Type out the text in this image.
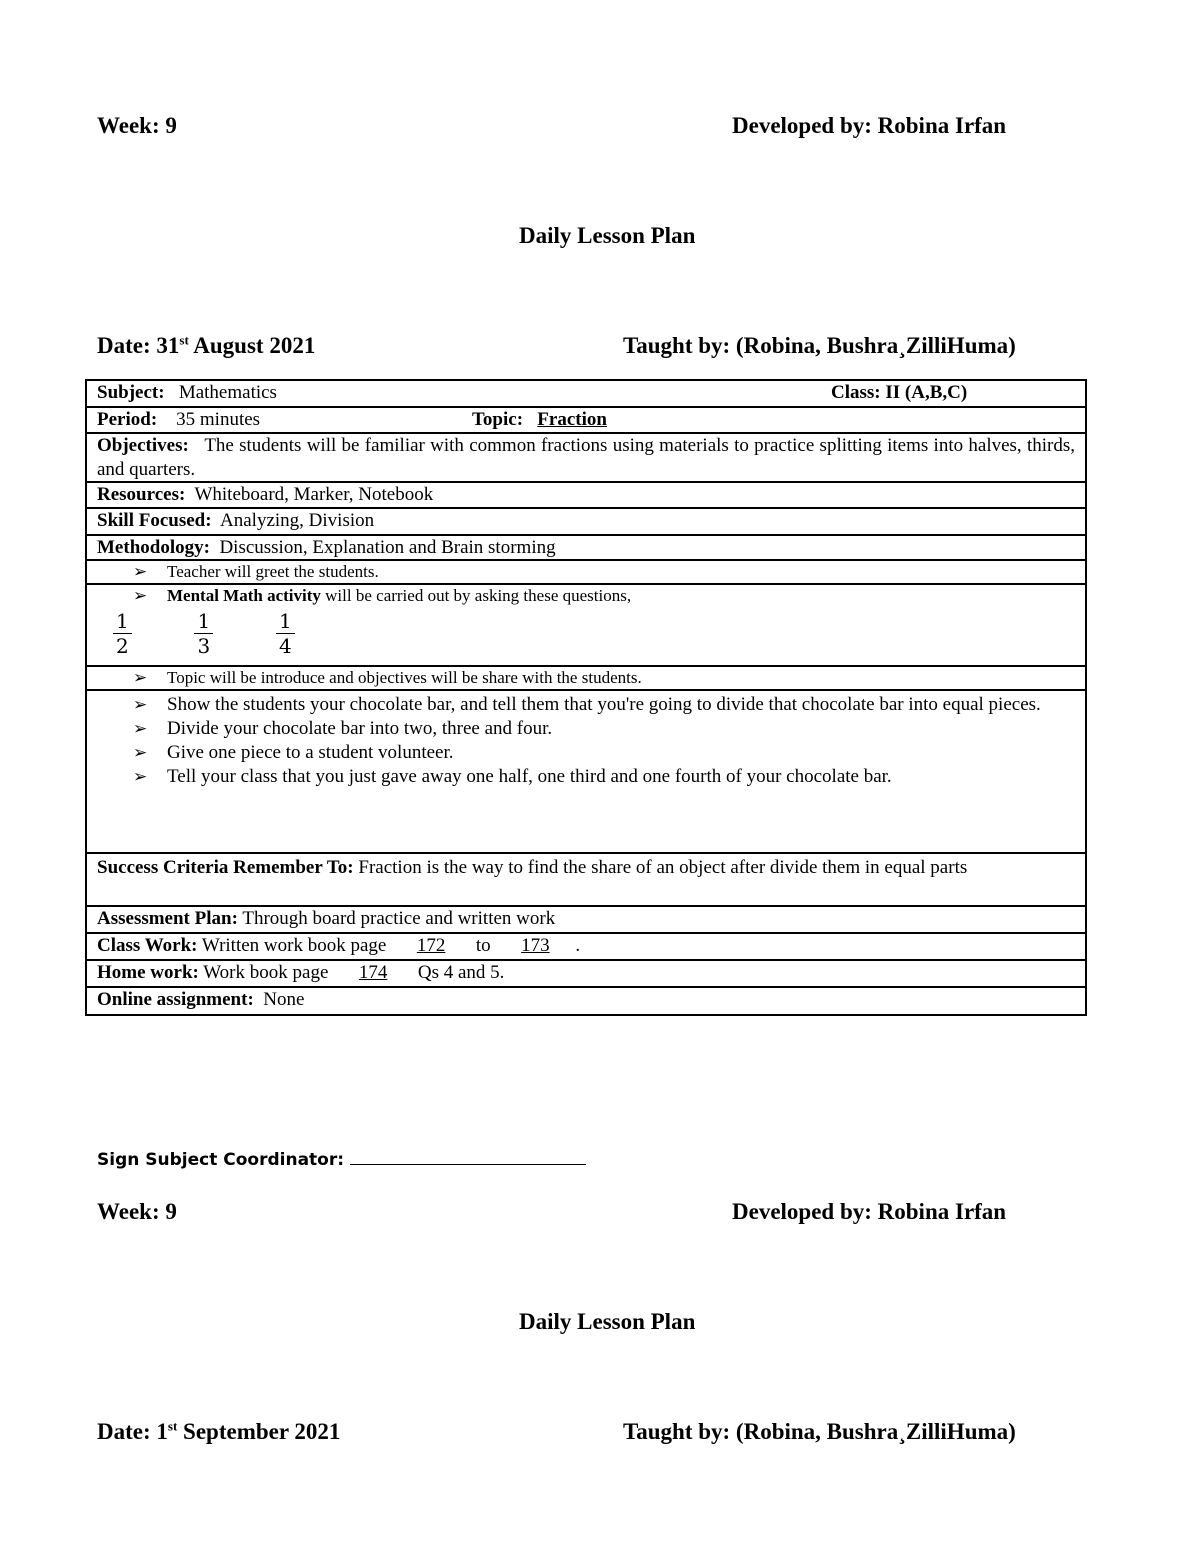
Week: 9	Developed by: Robina Irfan
Daily Lesson Plan
Date: 31st August 2021	Taught by: (Robina, Bushra¸ZilliHuma)
Subject: Mathematics	Class: II (A,B,C)
Period: 35 minutes	Topic: Fraction
Objectives: The students will be familiar with common fractions using materials to practice splitting items into halves, thirds, and quarters.
Resources: Whiteboard, Marker, Notebook
Skill Focused: Analyzing, Division
Methodology: Discussion, Explanation and Brain storming
➢	Teacher will greet the students.
➢	Mental Math activity will be carried out by asking these questions,
$\frac{1}{2}$
	$\frac{1}{3}$
	$\frac{1}{4}$
➢	Topic will be introduce and objectives will be share with the students.
➢	Show the students your chocolate bar, and tell them that you're going to divide that chocolate bar into equal pieces.
➢	Divide your chocolate bar into two, three and four.
➢	Give one piece to a student volunteer.
➢	Tell your class that you just gave away one half, one third and one fourth of your chocolate bar.
Success Criteria Remember To: Fraction is the way to find the share of an object after divide them in equal parts
Assessment Plan: Through board practice and written work
Class Work: Written work book page 172 to 173 .
Home work: Work book page 174 Qs 4 and 5.
Online assignment: None
Sign Subject Coordinator:
Week: 9	Developed by: Robina Irfan
Daily Lesson Plan
Date: 1st September 2021	Taught by: (Robina, Bushra¸ZilliHuma)
